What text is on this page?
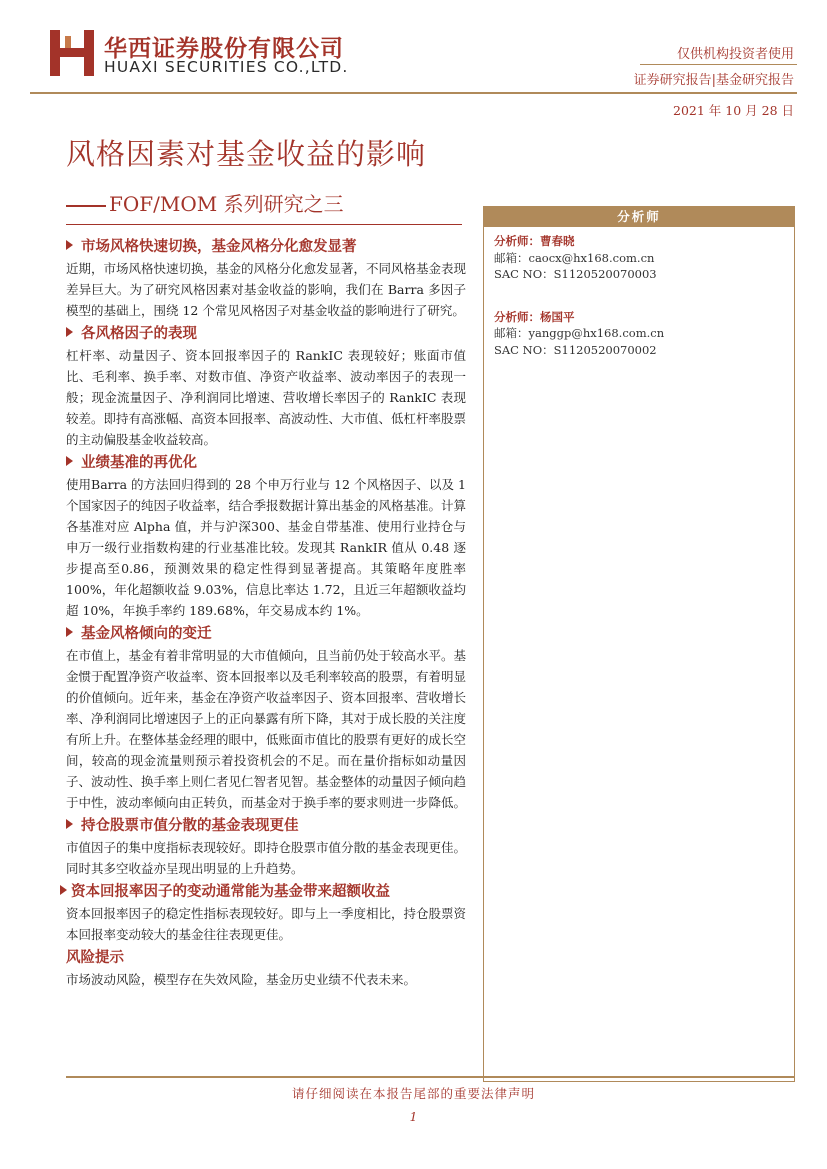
华西证券股份有限公司
HUAXI SECURITIES CO.,LTD.
仅供机构投资者使用
证券研究报告|基金研究报告
2021 年 10 月 28 日
风格因素对基金收益的影响
FOF/MOM 系列研究之三
市场风格快速切换，基金风格分化愈发显著

近期，市场风格快速切换，基金的风格分化愈发显著，不同风格基金表现差异巨大。为了研究风格因素对基金收益的影响，我们在 Barra 多因子模型的基础上，围绕 12 个常见风格因子对基金收益的影响进行了研究。

各风格因子的表现

杠杆率、动量因子、资本回报率因子的 RankIC 表现较好；账面市值比、毛利率、换手率、对数市值、净资产收益率、波动率因子的表现一般；现金流量因子、净利润同比增速、营收增长率因子的 RankIC 表现较差。即持有高涨幅、高资本回报率、高波动性、大市值、低杠杆率股票的主动偏股基金收益较高。

业绩基准的再优化

使用Barra 的方法回归得到的 28 个申万行业与 12 个风格因子、以及 1 个国家因子的纯因子收益率，结合季报数据计算出基金的风格基准。计算各基准对应 Alpha 值，并与沪深300、基金自带基准、使用行业持仓与申万一级行业指数构建的行业基准比较。发现其 RankIR 值从 0.48 逐步提高至0.86，预测效果的稳定性得到显著提高。其策略年度胜率100%，年化超额收益 9.03%，信息比率达 1.72，且近三年超额收益均超 10%，年换手率约 189.68%，年交易成本约 1%。

基金风格倾向的变迁

在市值上，基金有着非常明显的大市值倾向，且当前仍处于较高水平。基金惯于配置净资产收益率、资本回报率以及毛利率较高的股票，有着明显的价值倾向。近年来，基金在净资产收益率因子、资本回报率、营收增长率、净利润同比增速因子上的正向暴露有所下降，其对于成长股的关注度有所上升。在整体基金经理的眼中，低账面市值比的股票有更好的成长空间，较高的现金流量则预示着投资机会的不足。而在量价指标如动量因子、波动性、换手率上则仁者见仁智者见智。基金整体的动量因子倾向趋于中性，波动率倾向由正转负，而基金对于换手率的要求则进一步降低。

持仓股票市值分散的基金表现更佳

市值因子的集中度指标表现较好。即持仓股票市值分散的基金表现更佳。同时其多空收益亦呈现出明显的上升趋势。

资本回报率因子的变动通常能为基金带来超额收益

资本回报率因子的稳定性指标表现较好。即与上一季度相比，持仓股票资本回报率变动较大的基金往往表现更佳。

风险提示

市场波动风险，模型存在失效风险，基金历史业绩不代表未来。

分析师
分析师：曹春晓
邮箱：caocx@hx168.com.cn
SAC NO：S1120520070003
分析师：杨国平
邮箱：yanggp@hx168.com.cn
SAC NO：S1120520070002
请仔细阅读在本报告尾部的重要法律声明
1
